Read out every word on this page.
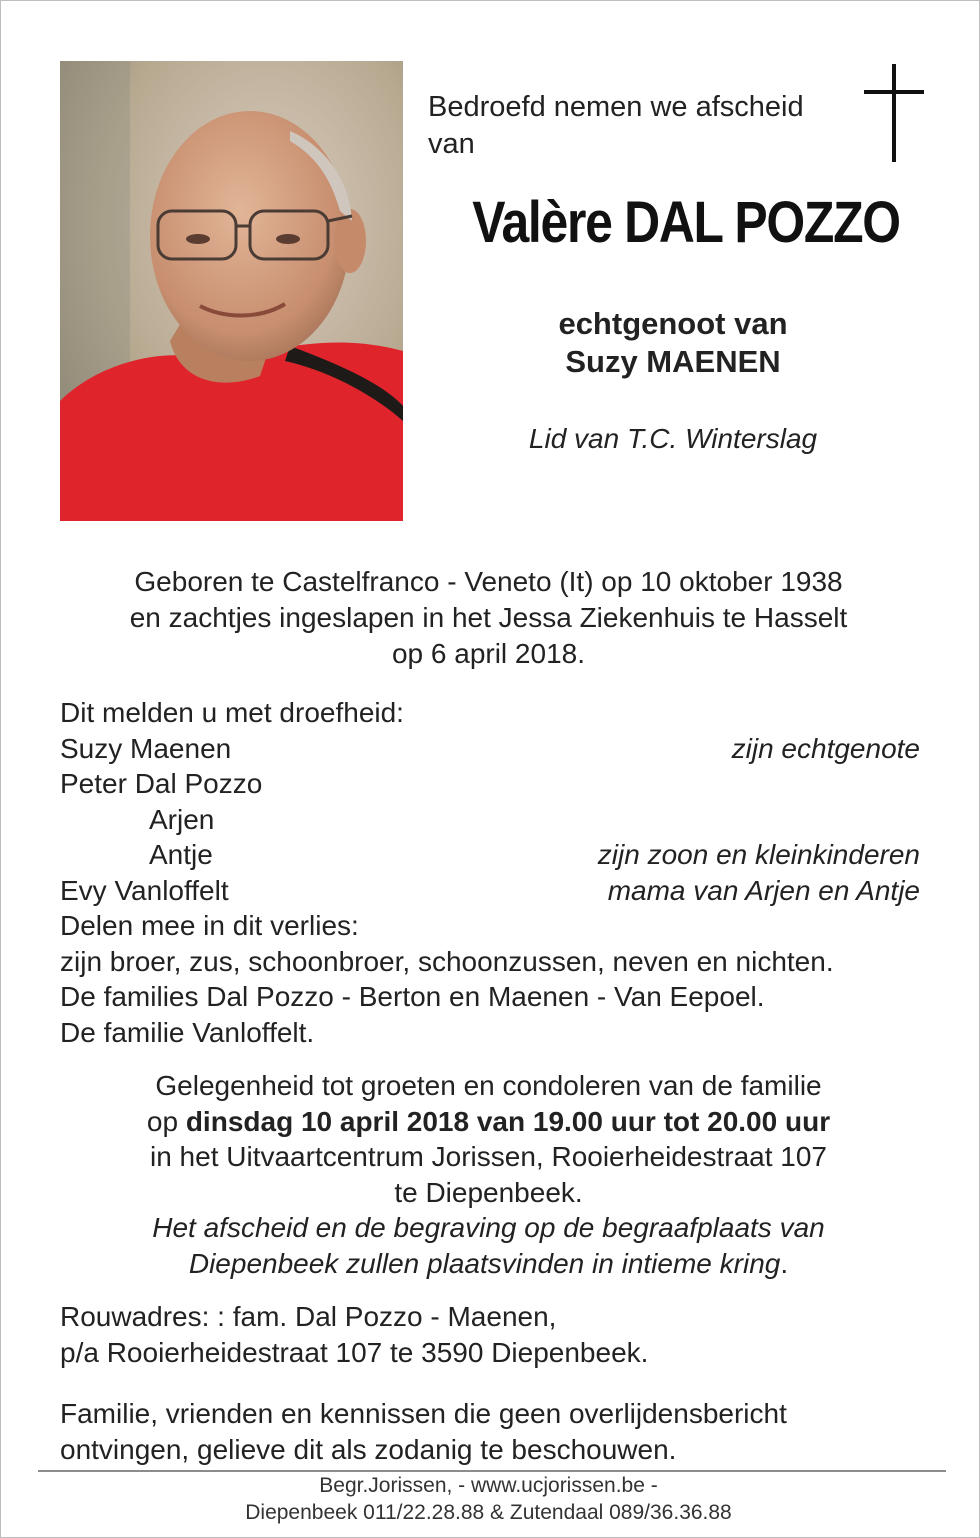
Bedroefd nemen we afscheid van
Valère DAL POZZO
echtgenoot van
Suzy MAENEN
Lid van T.C. Winterslag
Geboren te Castelfranco - Veneto (It) op 10 oktober 1938
en zachtjes ingeslapen in het Jessa Ziekenhuis te Hasselt
op 6 april 2018.
Dit melden u met droefheid:
Suzy Maenen	zijn echtgenote
Peter Dal Pozzo
Arjen
Antje	zijn zoon en kleinkinderen
Evy Vanloffelt	mama van Arjen en Antje
Delen mee in dit verlies:
zijn broer, zus, schoonbroer, schoonzussen, neven en nichten.
De families Dal Pozzo - Berton en Maenen - Van Eepoel.
De familie Vanloffelt.
Gelegenheid tot groeten en condoleren van de familie
op dinsdag 10 april 2018 van 19.00 uur tot 20.00 uur
in het Uitvaartcentrum Jorissen, Rooierheidestraat 107
te Diepenbeek.
Het afscheid en de begraving op de begraafplaats van
Diepenbeek zullen plaatsvinden in intieme kring.
Rouwadres: : fam. Dal Pozzo - Maenen,
p/a Rooierheidestraat 107 te 3590 Diepenbeek.
Familie, vrienden en kennissen die geen overlijdensbericht
ontvingen, gelieve dit als zodanig te beschouwen.
Begr.Jorissen, - www.ucjorissen.be -
Diepenbeek 011/22.28.88 & Zutendaal 089/36.36.88
